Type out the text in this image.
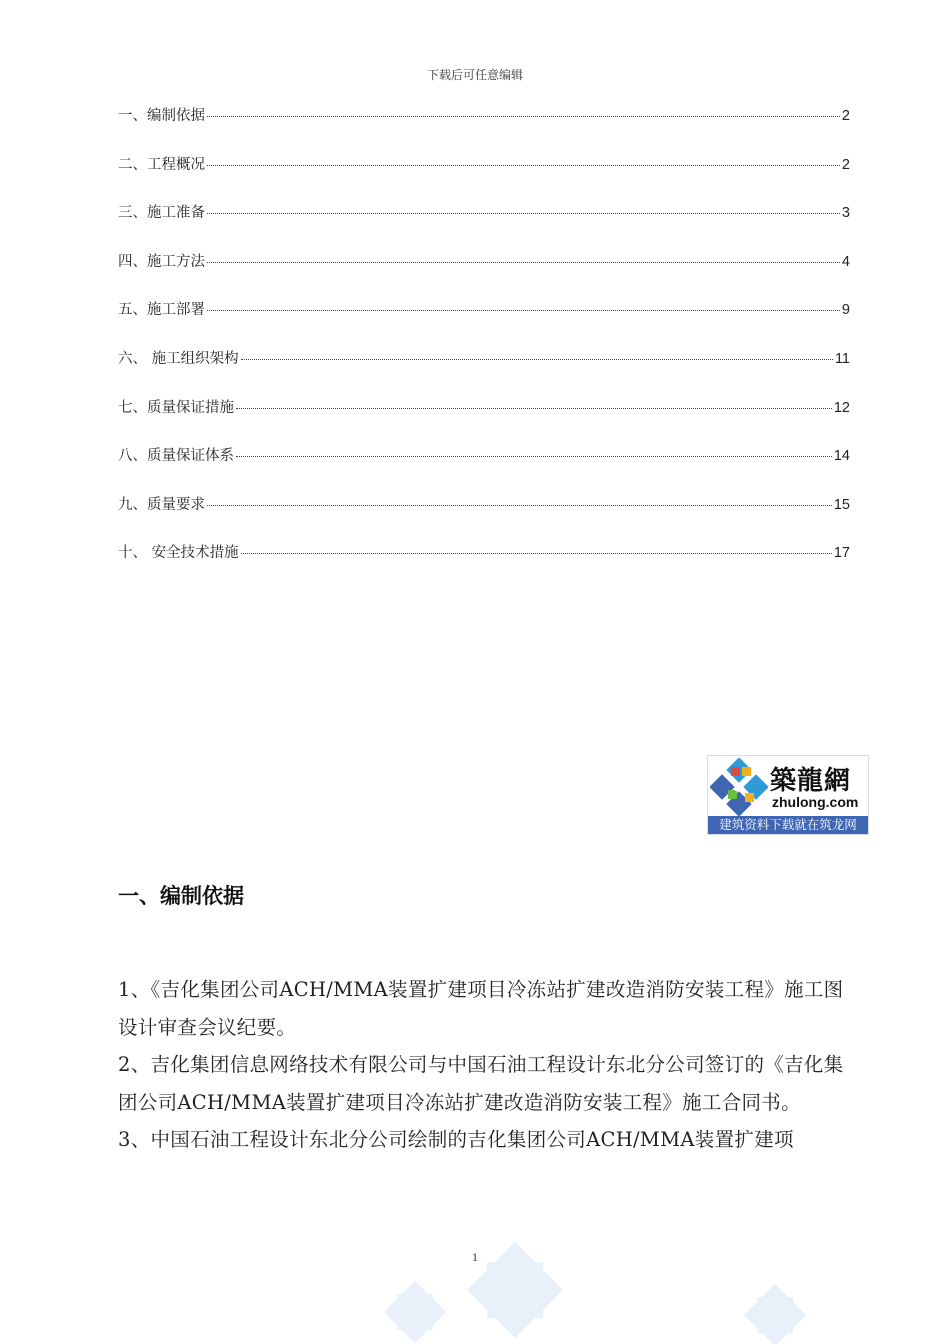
下载后可任意编辑
一、编制依据	2
二、工程概况	2
三、施工准备	3
四、施工方法	4
五、施工部署	9
六、 施工组织架构	11
七、质量保证措施	12
八、质量保证体系	14
九、质量要求	15
十、 安全技术措施	17
築龍網
zhulong.com
建筑资料下载就在筑龙网
一、编制依据

1、《吉化集团公司ACH/MMA装置扩建项目冷冻站扩建改造消防安装工程》施工图设计审查会议纪要。

2、吉化集团信息网络技术有限公司与中国石油工程设计东北分公司签订的《吉化集团公司ACH/MMA装置扩建项目冷冻站扩建改造消防安装工程》施工合同书。

3、中国石油工程设计东北分公司绘制的吉化集团公司ACH/MMA装置扩建项

1
